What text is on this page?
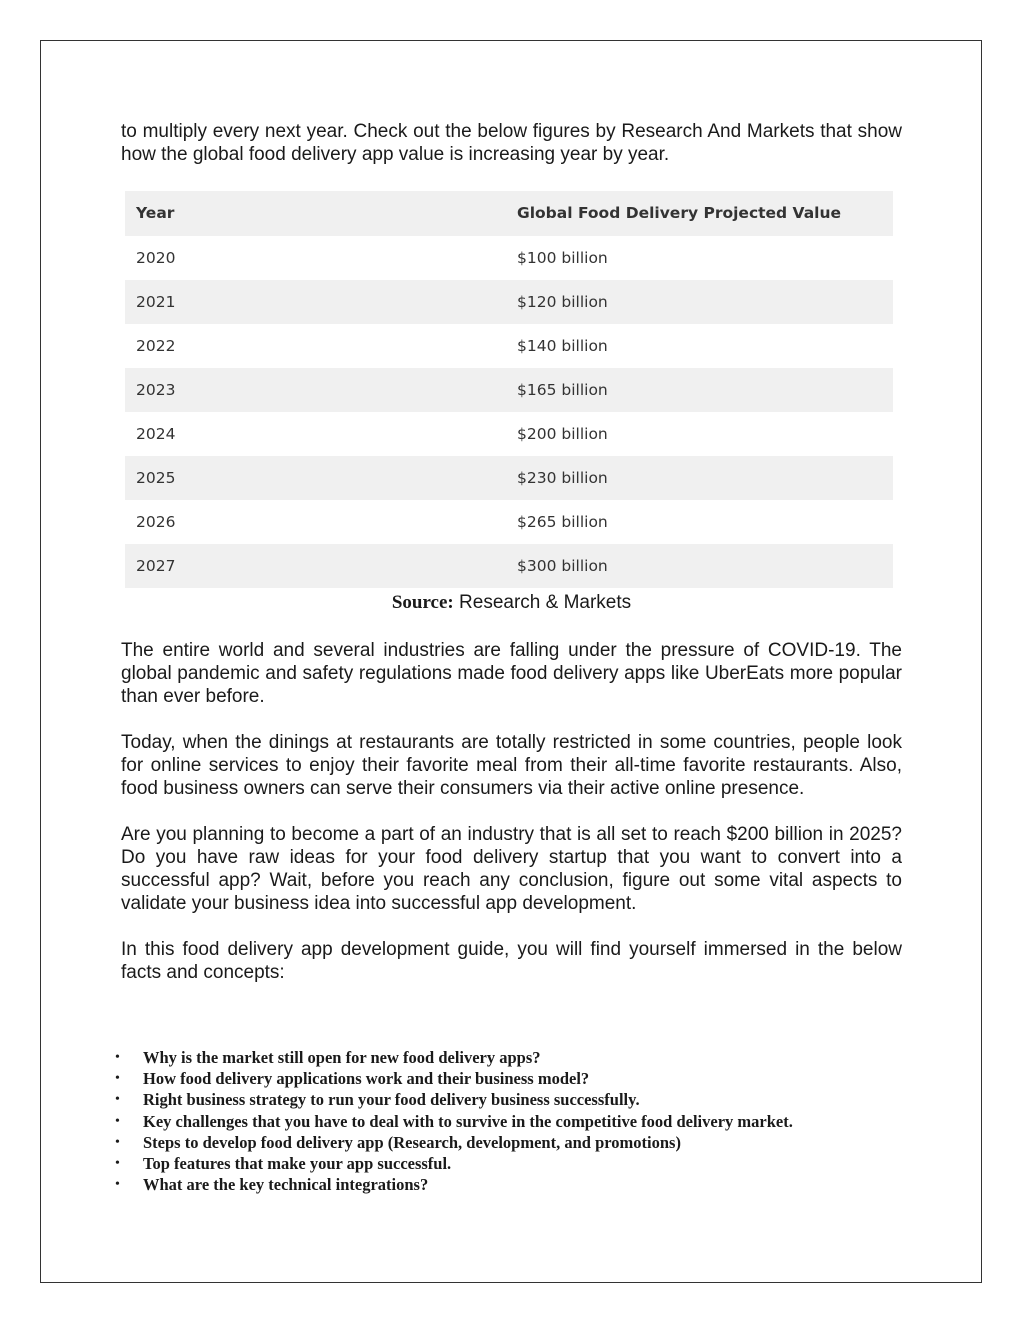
to multiply every next year. Check out the below figures by Research And Markets that show how the global food delivery app value is increasing year by year.

Year	Global Food Delivery Projected Value
2020	$100 billion
2021	$120 billion
2022	$140 billion
2023	$165 billion
2024	$200 billion
2025	$230 billion
2026	$265 billion
2027	$300 billion

Source: Research & Markets

The entire world and several industries are falling under the pressure of COVID-19. The global pandemic and safety regulations made food delivery apps like UberEats more popular than ever before.

Today, when the dinings at restaurants are totally restricted in some countries, people look for online services to enjoy their favorite meal from their all-time favorite restaurants. Also, food business owners can serve their consumers via their active online presence.

Are you planning to become a part of an industry that is all set to reach $200 billion in 2025? Do you have raw ideas for your food delivery startup that you want to convert into a successful app? Wait, before you reach any conclusion, figure out some vital aspects to validate your business idea into successful app development.

In this food delivery app development guide, you will find yourself immersed in the below facts and concepts:

• Why is the market still open for new food delivery apps?
• How food delivery applications work and their business model?
• Right business strategy to run your food delivery business successfully.
• Key challenges that you have to deal with to survive in the competitive food delivery market.
• Steps to develop food delivery app (Research, development, and promotions)
• Top features that make your app successful.
• What are the key technical integrations?
